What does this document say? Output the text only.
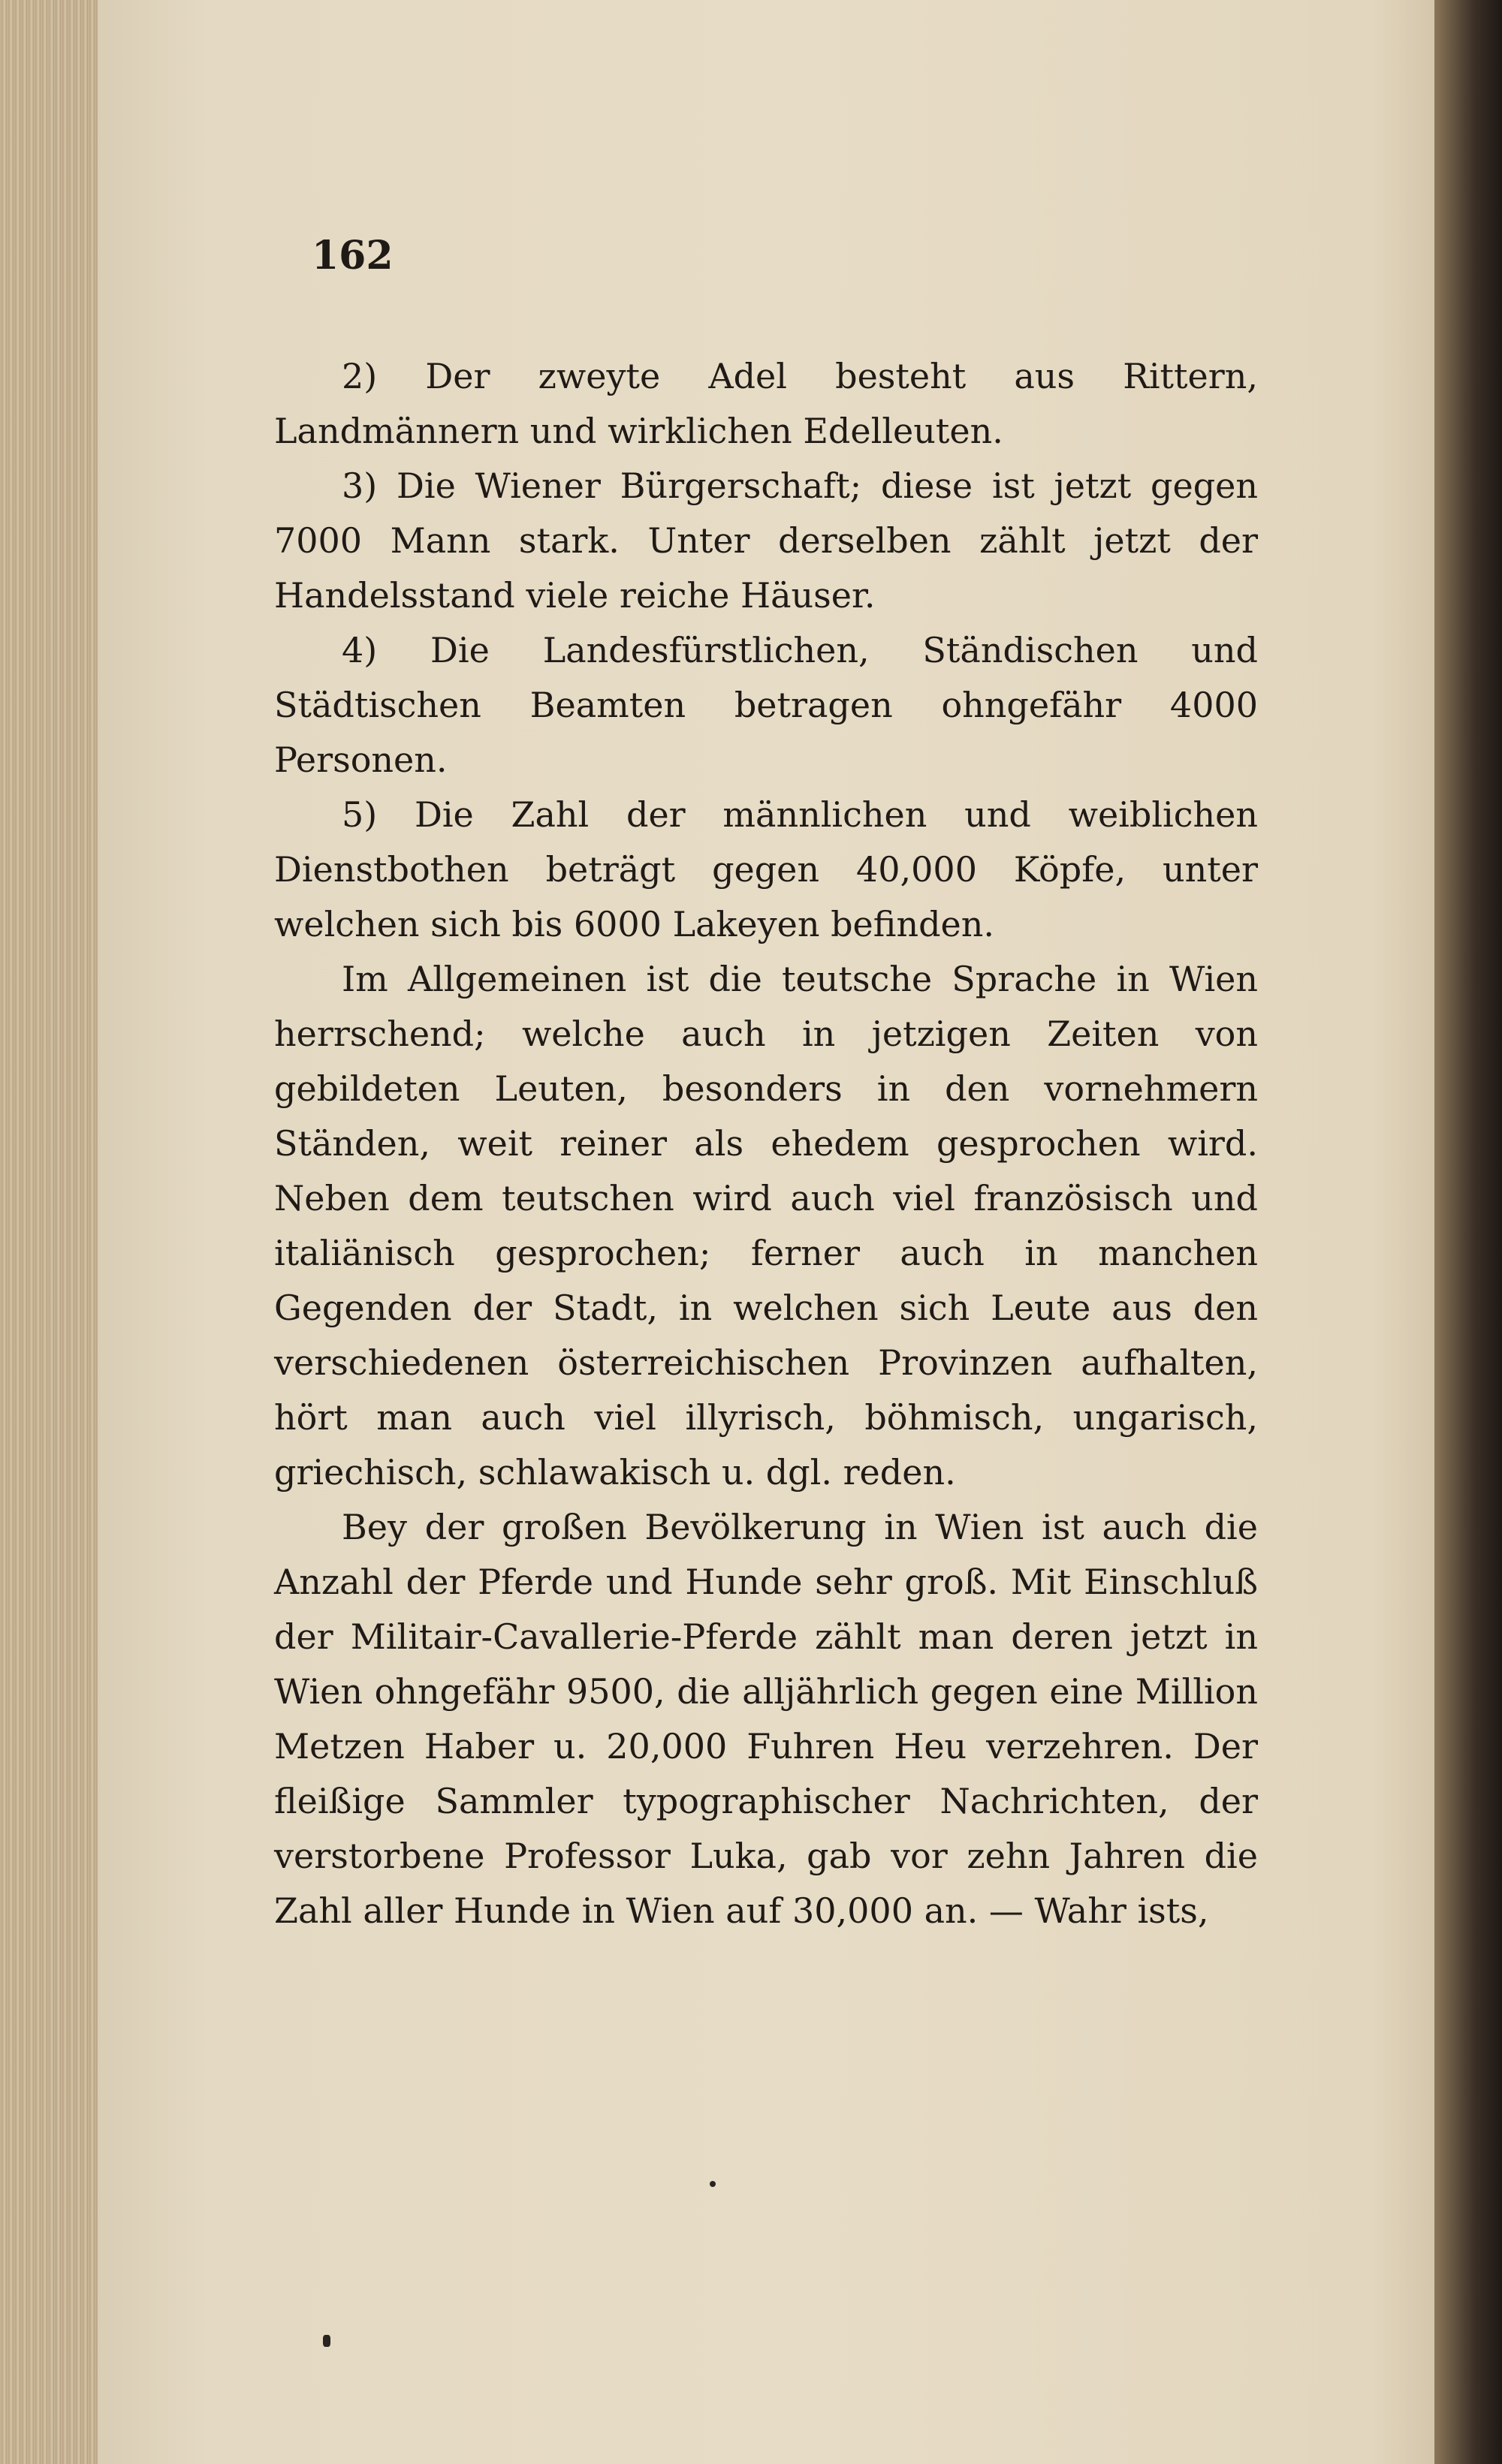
162

2) Der zweyte Adel besteht aus Rittern, Landmännern und wirklichen Edelleuten.

3) Die Wiener Bürgerschaft; diese ist jetzt gegen 7000 Mann stark. Unter derselben zählt jetzt der Handelsstand viele reiche Häuser.

4) Die Landesfürstlichen, Ständischen und Städtischen Beamten betragen ohngefähr 4000 Personen.

5) Die Zahl der männlichen und weiblichen Dienstbothen beträgt gegen 40,000 Köpfe, unter welchen sich bis 6000 Lakeyen befinden.

Im Allgemeinen ist die teutsche Sprache in Wien herrschend; welche auch in jetzigen Zeiten von gebildeten Leuten, besonders in den vornehmern Ständen, weit reiner als ehedem gesprochen wird. Neben dem teutschen wird auch viel französisch und italiänisch gesprochen; ferner auch in manchen Gegenden der Stadt, in welchen sich Leute aus den verschiedenen österreichischen Provinzen aufhalten, hört man auch viel illyrisch, böhmisch, ungarisch, griechisch, schlawakisch u. dgl. reden.

Bey der großen Bevölkerung in Wien ist auch die Anzahl der Pferde und Hunde sehr groß. Mit Einschluß der Militair-Cavallerie-Pferde zählt man deren jetzt in Wien ohngefähr 9500, die alljährlich gegen eine Million Metzen Haber u. 20,000 Fuhren Heu verzehren. Der fleißige Sammler typographischer Nachrichten, der verstorbene Professor Luka, gab vor zehn Jahren die Zahl aller Hunde in Wien auf 30,000 an. — Wahr ists,
